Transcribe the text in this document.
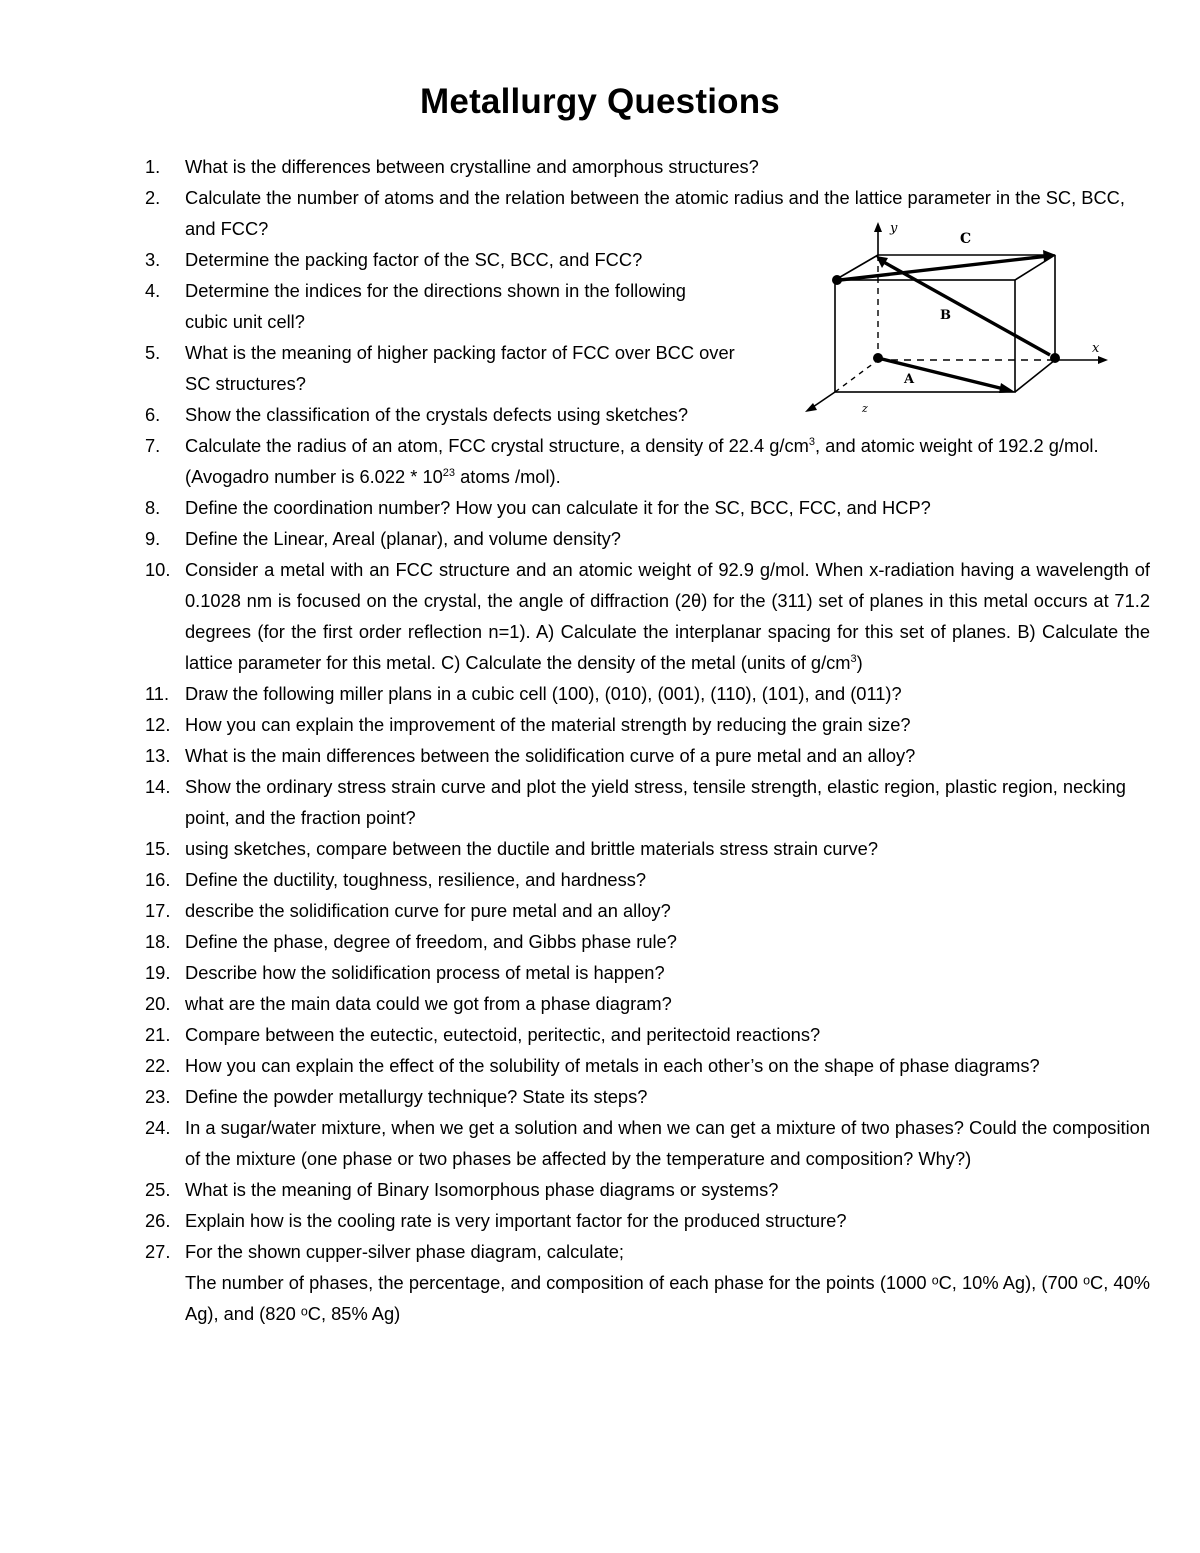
Metallurgy Questions
y
x
z
C
B
A
1.	What is the differences between crystalline and amorphous structures?
2.	Calculate the number of atoms and the relation between the atomic radius and the lattice parameter in the SC, BCC, and FCC?
3.	Determine the packing factor of the SC, BCC, and FCC?
4.	Determine the indices for the directions shown in the following cubic unit cell?
5.	What is the meaning of higher packing factor of FCC over BCC over SC structures?
6.	Show the classification of the crystals defects using sketches?
7.	Calculate the radius of an atom, FCC crystal structure, a density of 22.4 $g/cm^3$, and atomic weight of 192.2 g/mol. (Avogadro number is $6.022 * 10^{23}$ atoms /mol).
8.	Define the coordination number? How you can calculate it for the SC, BCC, FCC, and HCP?
9.	Define the Linear, Areal (planar), and volume density?
10. Consider a metal with an FCC structure and an atomic weight of 92.9 g/mol. When x-radiation having a wavelength of 0.1028 nm is focused on the crystal, the angle of diffraction (2θ) for the (311) set of planes in this metal occurs at 71.2 degrees (for the first order reflection n=1). A) Calculate the interplanar spacing for this set of planes. B) Calculate the lattice parameter for this metal. C) Calculate the density of the metal (units of $g/cm^3$)
11. Draw the following miller plans in a cubic cell (100), (010), (001), (110), (101), and (011)?
12. How you can explain the improvement of the material strength by reducing the grain size?
13. What is the main differences between the solidification curve of a pure metal and an alloy?
14. Show the ordinary stress strain curve and plot the yield stress, tensile strength, elastic region, plastic region, necking point, and the fraction point?
15. using sketches, compare between the ductile and brittle materials stress strain curve?
16. Define the ductility, toughness, resilience, and hardness?
17. describe the solidification curve for pure metal and an alloy?
18. Define the phase, degree of freedom, and Gibbs phase rule?
19. Describe how the solidification process of metal is happen?
20. what are the main data could we got from a phase diagram?
21. Compare between the eutectic, eutectoid, peritectic, and peritectoid reactions?
22. How you can explain the effect of the solubility of metals in each other’s on the shape of phase diagrams?
23. Define the powder metallurgy technique? State its steps?
24. In a sugar/water mixture, when we get a solution and when we can get a mixture of two phases? Could the composition of the mixture (one phase or two phases be affected by the temperature and composition? Why?)
25. What is the meaning of Binary Isomorphous phase diagrams or systems?
26. Explain how is the cooling rate is very important factor for the produced structure?
27. For the shown cupper-silver phase diagram, calculate;
The number of phases, the percentage, and composition of each phase for the points (1000 ᵒC, 10% Ag), (700 ᵒC, 40% Ag), and (820 ᵒC, 85% Ag)
